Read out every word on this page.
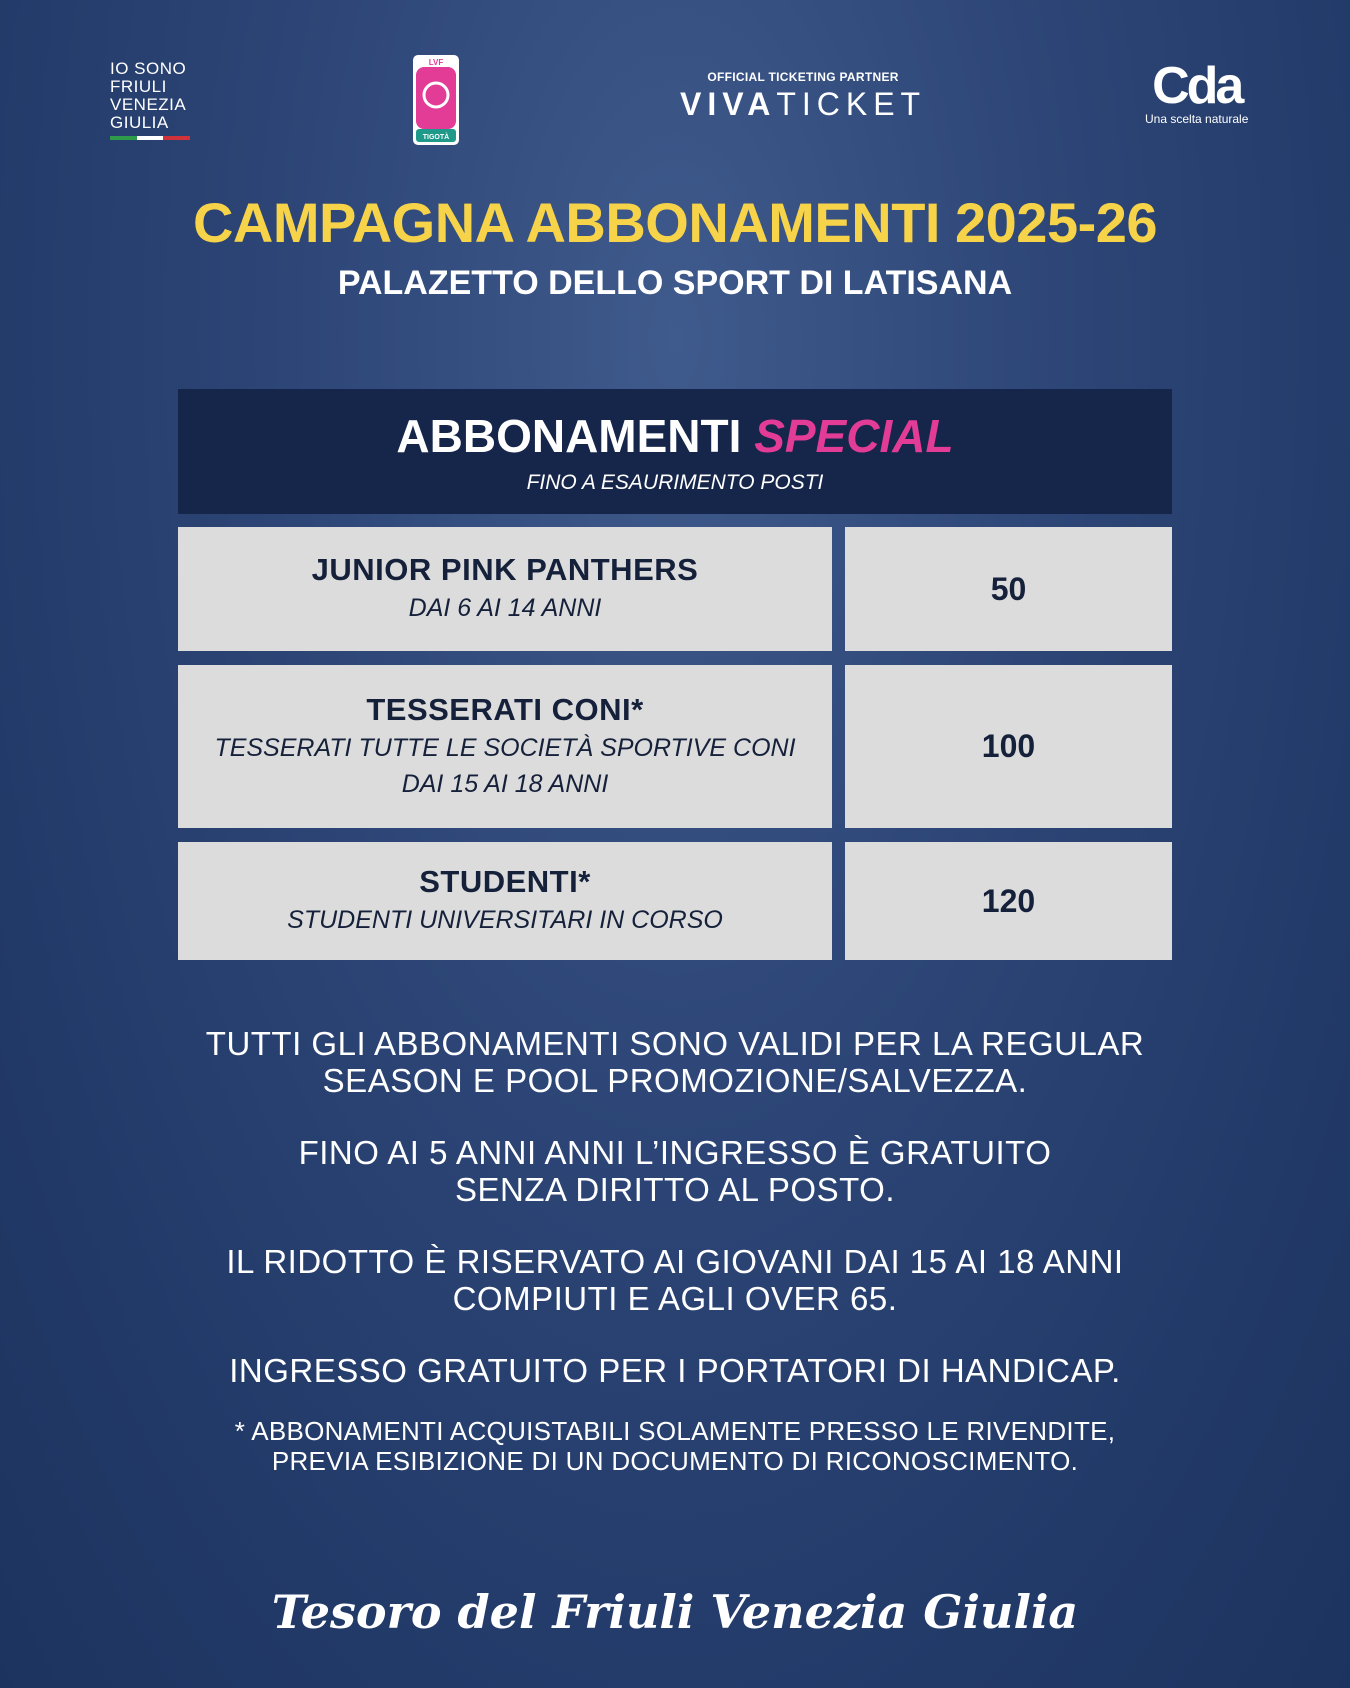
IO SONO
FRIULI
VENEZIA
GIULIA
LVF
TIGOTÀ
OFFICIAL TICKETING PARTNER
VIVATICKET	Cda
Una scelta naturale
CAMPAGNA ABBONAMENTI 2025-26
PALAZETTO DELLO SPORT DI LATISANA
ABBONAMENTI SPECIAL
FINO A ESAURIMENTO POSTI
JUNIOR PINK PANTHERS
DAI 6 AI 14 ANNI
50
TESSERATI CONI*
TESSERATI TUTTE LE SOCIETÀ SPORTIVE CONI
DAI 15 AI 18 ANNI
100
STUDENTI*
STUDENTI UNIVERSITARI IN CORSO
120
TUTTI GLI ABBONAMENTI SONO VALIDI PER LA REGULAR
SEASON E POOL PROMOZIONE/SALVEZZA.
FINO AI 5 ANNI ANNI L’INGRESSO È GRATUITO
SENZA DIRITTO AL POSTO.
IL RIDOTTO È RISERVATO AI GIOVANI DAI 15 AI 18 ANNI
COMPIUTI E AGLI OVER 65.
INGRESSO GRATUITO PER I PORTATORI DI HANDICAP.
* ABBONAMENTI ACQUISTABILI SOLAMENTE PRESSO LE RIVENDITE,
PREVIA ESIBIZIONE DI UN DOCUMENTO DI RICONOSCIMENTO.
Tesoro del Friuli Venezia Giulia
